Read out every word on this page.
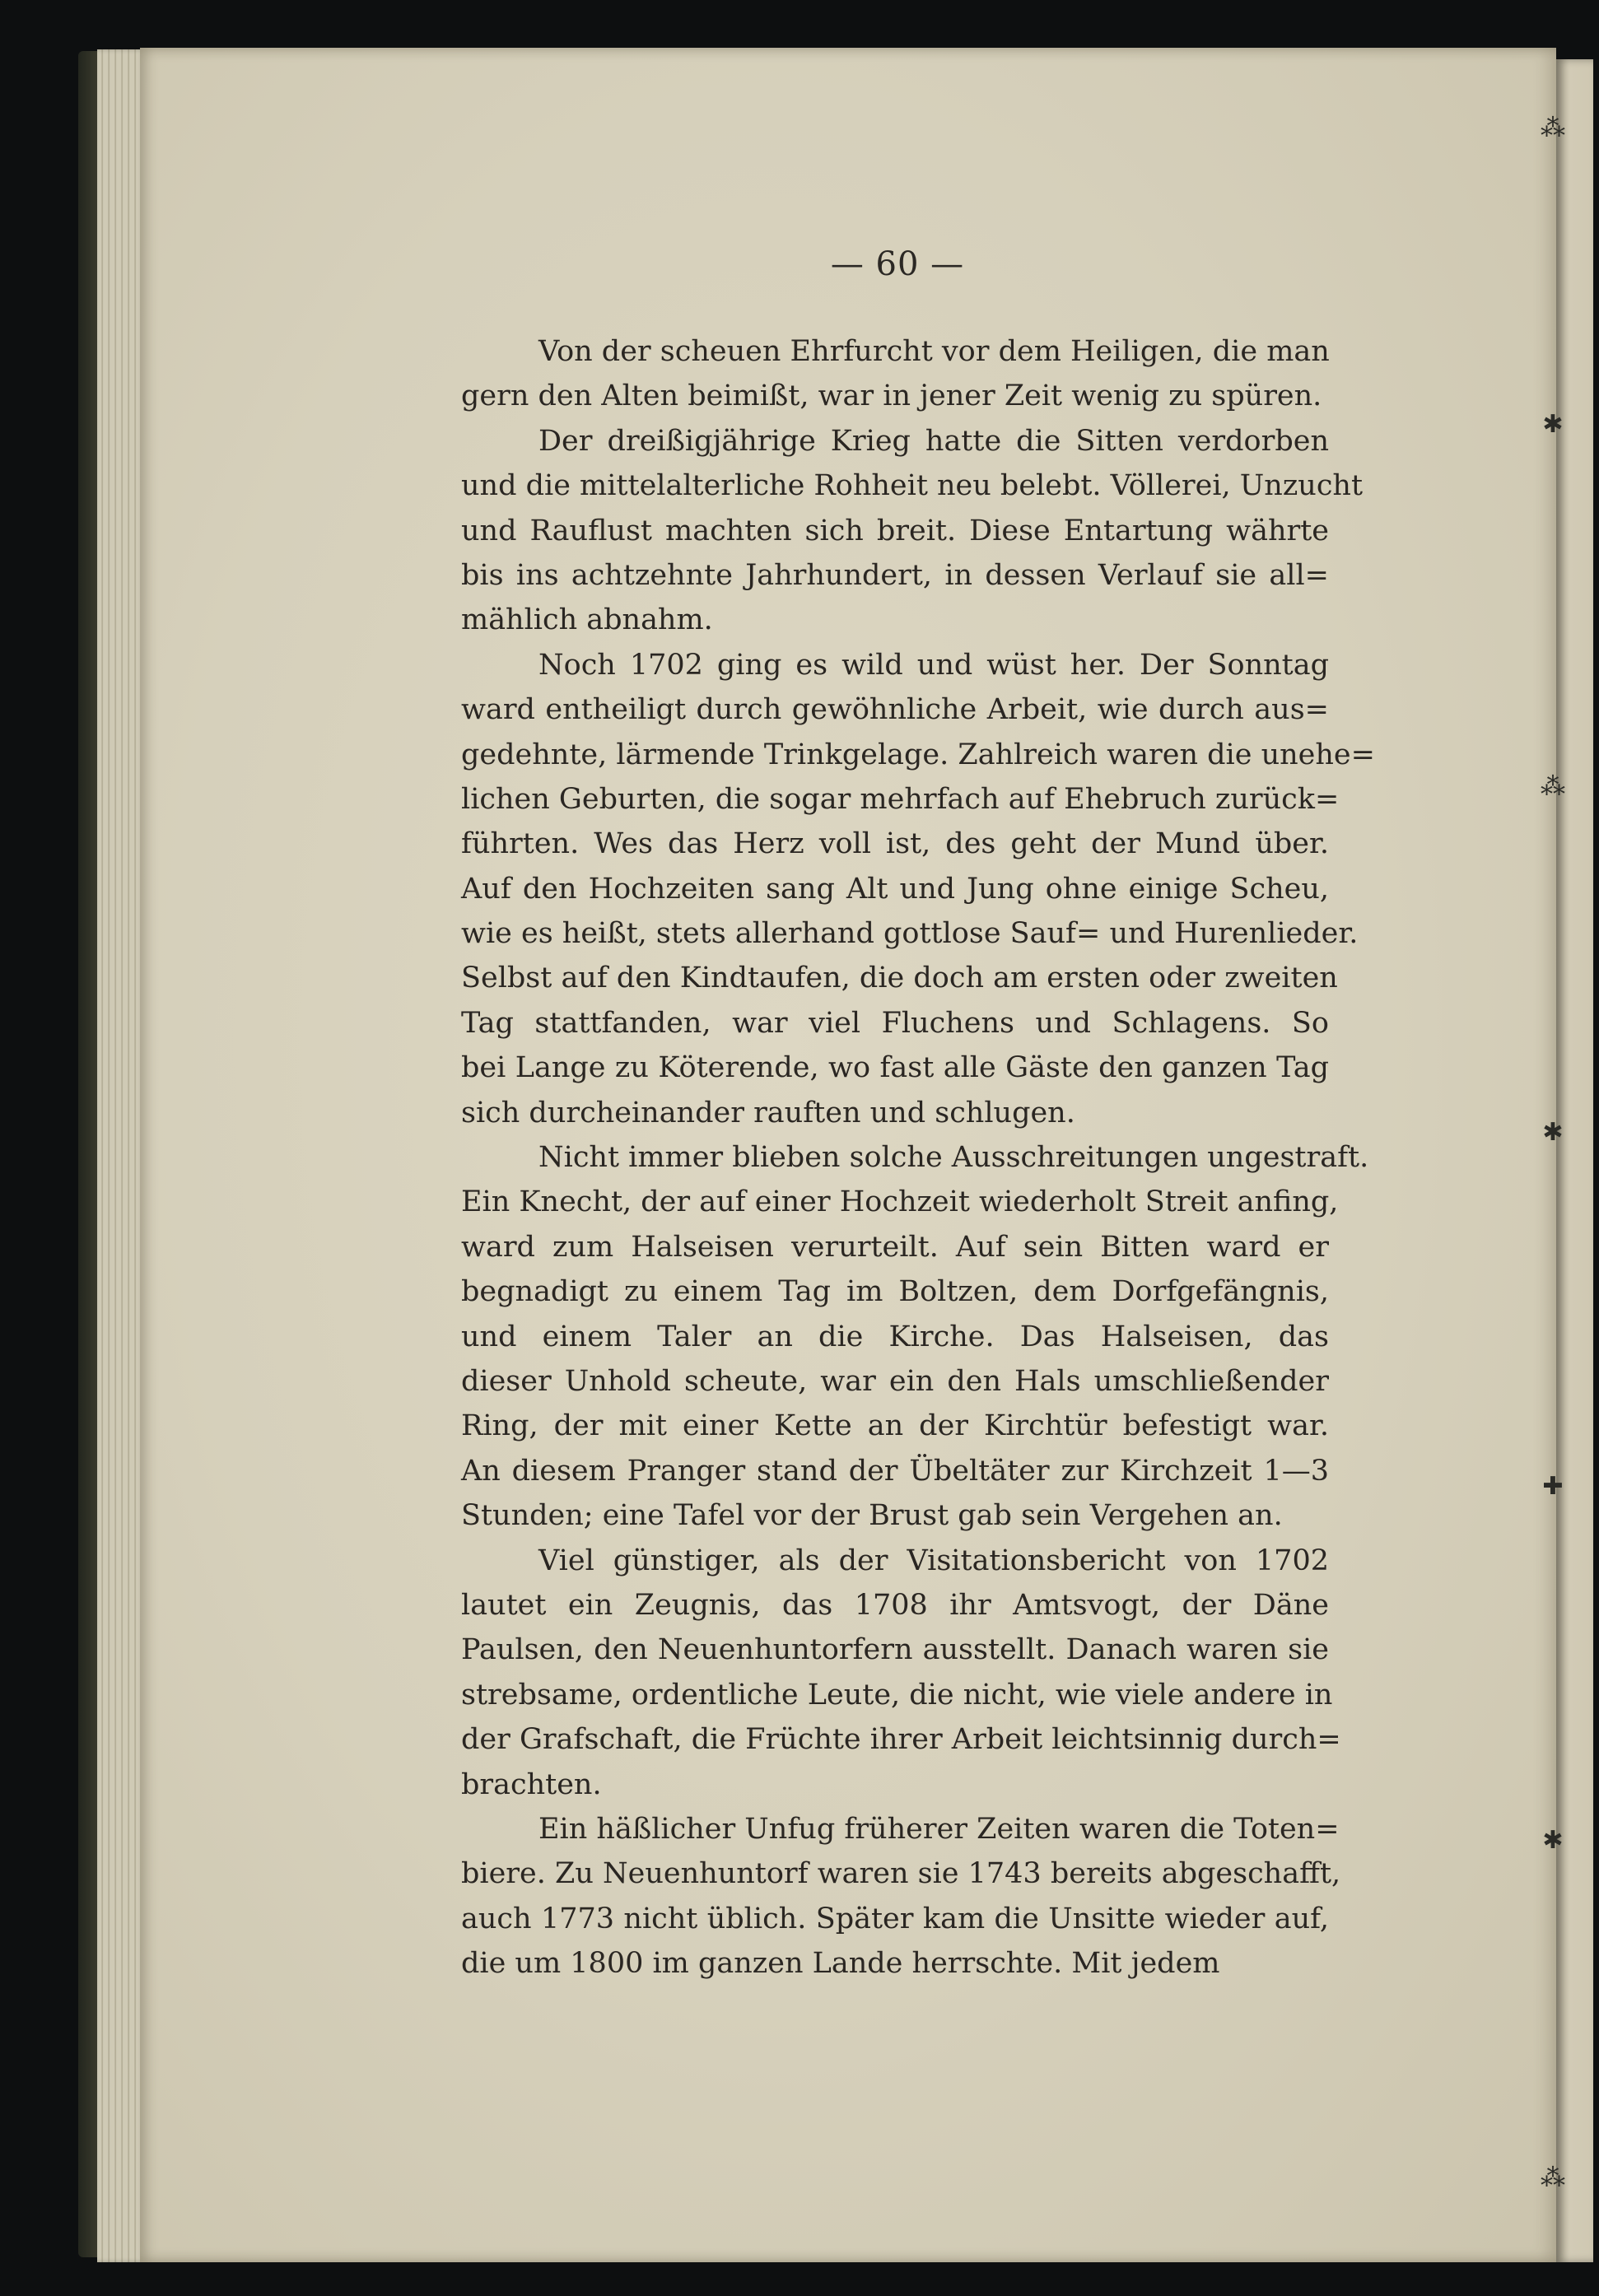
⁂
✱
⁂
✱
✚
✱
⁂
— 60 —
Von der scheuen Ehrfurcht vor dem Heiligen, die man
gern den Alten beimißt, war in jener Zeit wenig zu spüren.
Der dreißigjährige Krieg hatte die Sitten verdorben
und die mittelalterliche Rohheit neu belebt. Völlerei, Unzucht
und Rauflust machten sich breit. Diese Entartung währte
bis ins achtzehnte Jahrhundert, in dessen Verlauf sie all=
mählich abnahm.
Noch 1702 ging es wild und wüst her. Der Sonntag
ward entheiligt durch gewöhnliche Arbeit, wie durch aus=
gedehnte, lärmende Trinkgelage. Zahlreich waren die unehe=
lichen Geburten, die sogar mehrfach auf Ehebruch zurück=
führten. Wes das Herz voll ist, des geht der Mund über.
Auf den Hochzeiten sang Alt und Jung ohne einige Scheu,
wie es heißt, stets allerhand gottlose Sauf= und Hurenlieder.
Selbst auf den Kindtaufen, die doch am ersten oder zweiten
Tag stattfanden, war viel Fluchens und Schlagens. So
bei Lange zu Köterende, wo fast alle Gäste den ganzen Tag
sich durcheinander rauften und schlugen.
Nicht immer blieben solche Ausschreitungen ungestraft.
Ein Knecht, der auf einer Hochzeit wiederholt Streit anfing,
ward zum Halseisen verurteilt. Auf sein Bitten ward er
begnadigt zu einem Tag im Boltzen, dem Dorfgefängnis,
und einem Taler an die Kirche. Das Halseisen, das
dieser Unhold scheute, war ein den Hals umschließender
Ring, der mit einer Kette an der Kirchtür befestigt war.
An diesem Pranger stand der Übeltäter zur Kirchzeit 1—3
Stunden; eine Tafel vor der Brust gab sein Vergehen an.
Viel günstiger, als der Visitationsbericht von 1702
lautet ein Zeugnis, das 1708 ihr Amtsvogt, der Däne
Paulsen, den Neuenhuntorfern ausstellt. Danach waren sie
strebsame, ordentliche Leute, die nicht, wie viele andere in
der Grafschaft, die Früchte ihrer Arbeit leichtsinnig durch=
brachten.
Ein häßlicher Unfug früherer Zeiten waren die Toten=
biere. Zu Neuenhuntorf waren sie 1743 bereits abgeschafft,
auch 1773 nicht üblich. Später kam die Unsitte wieder auf,
die um 1800 im ganzen Lande herrschte. Mit jedem
